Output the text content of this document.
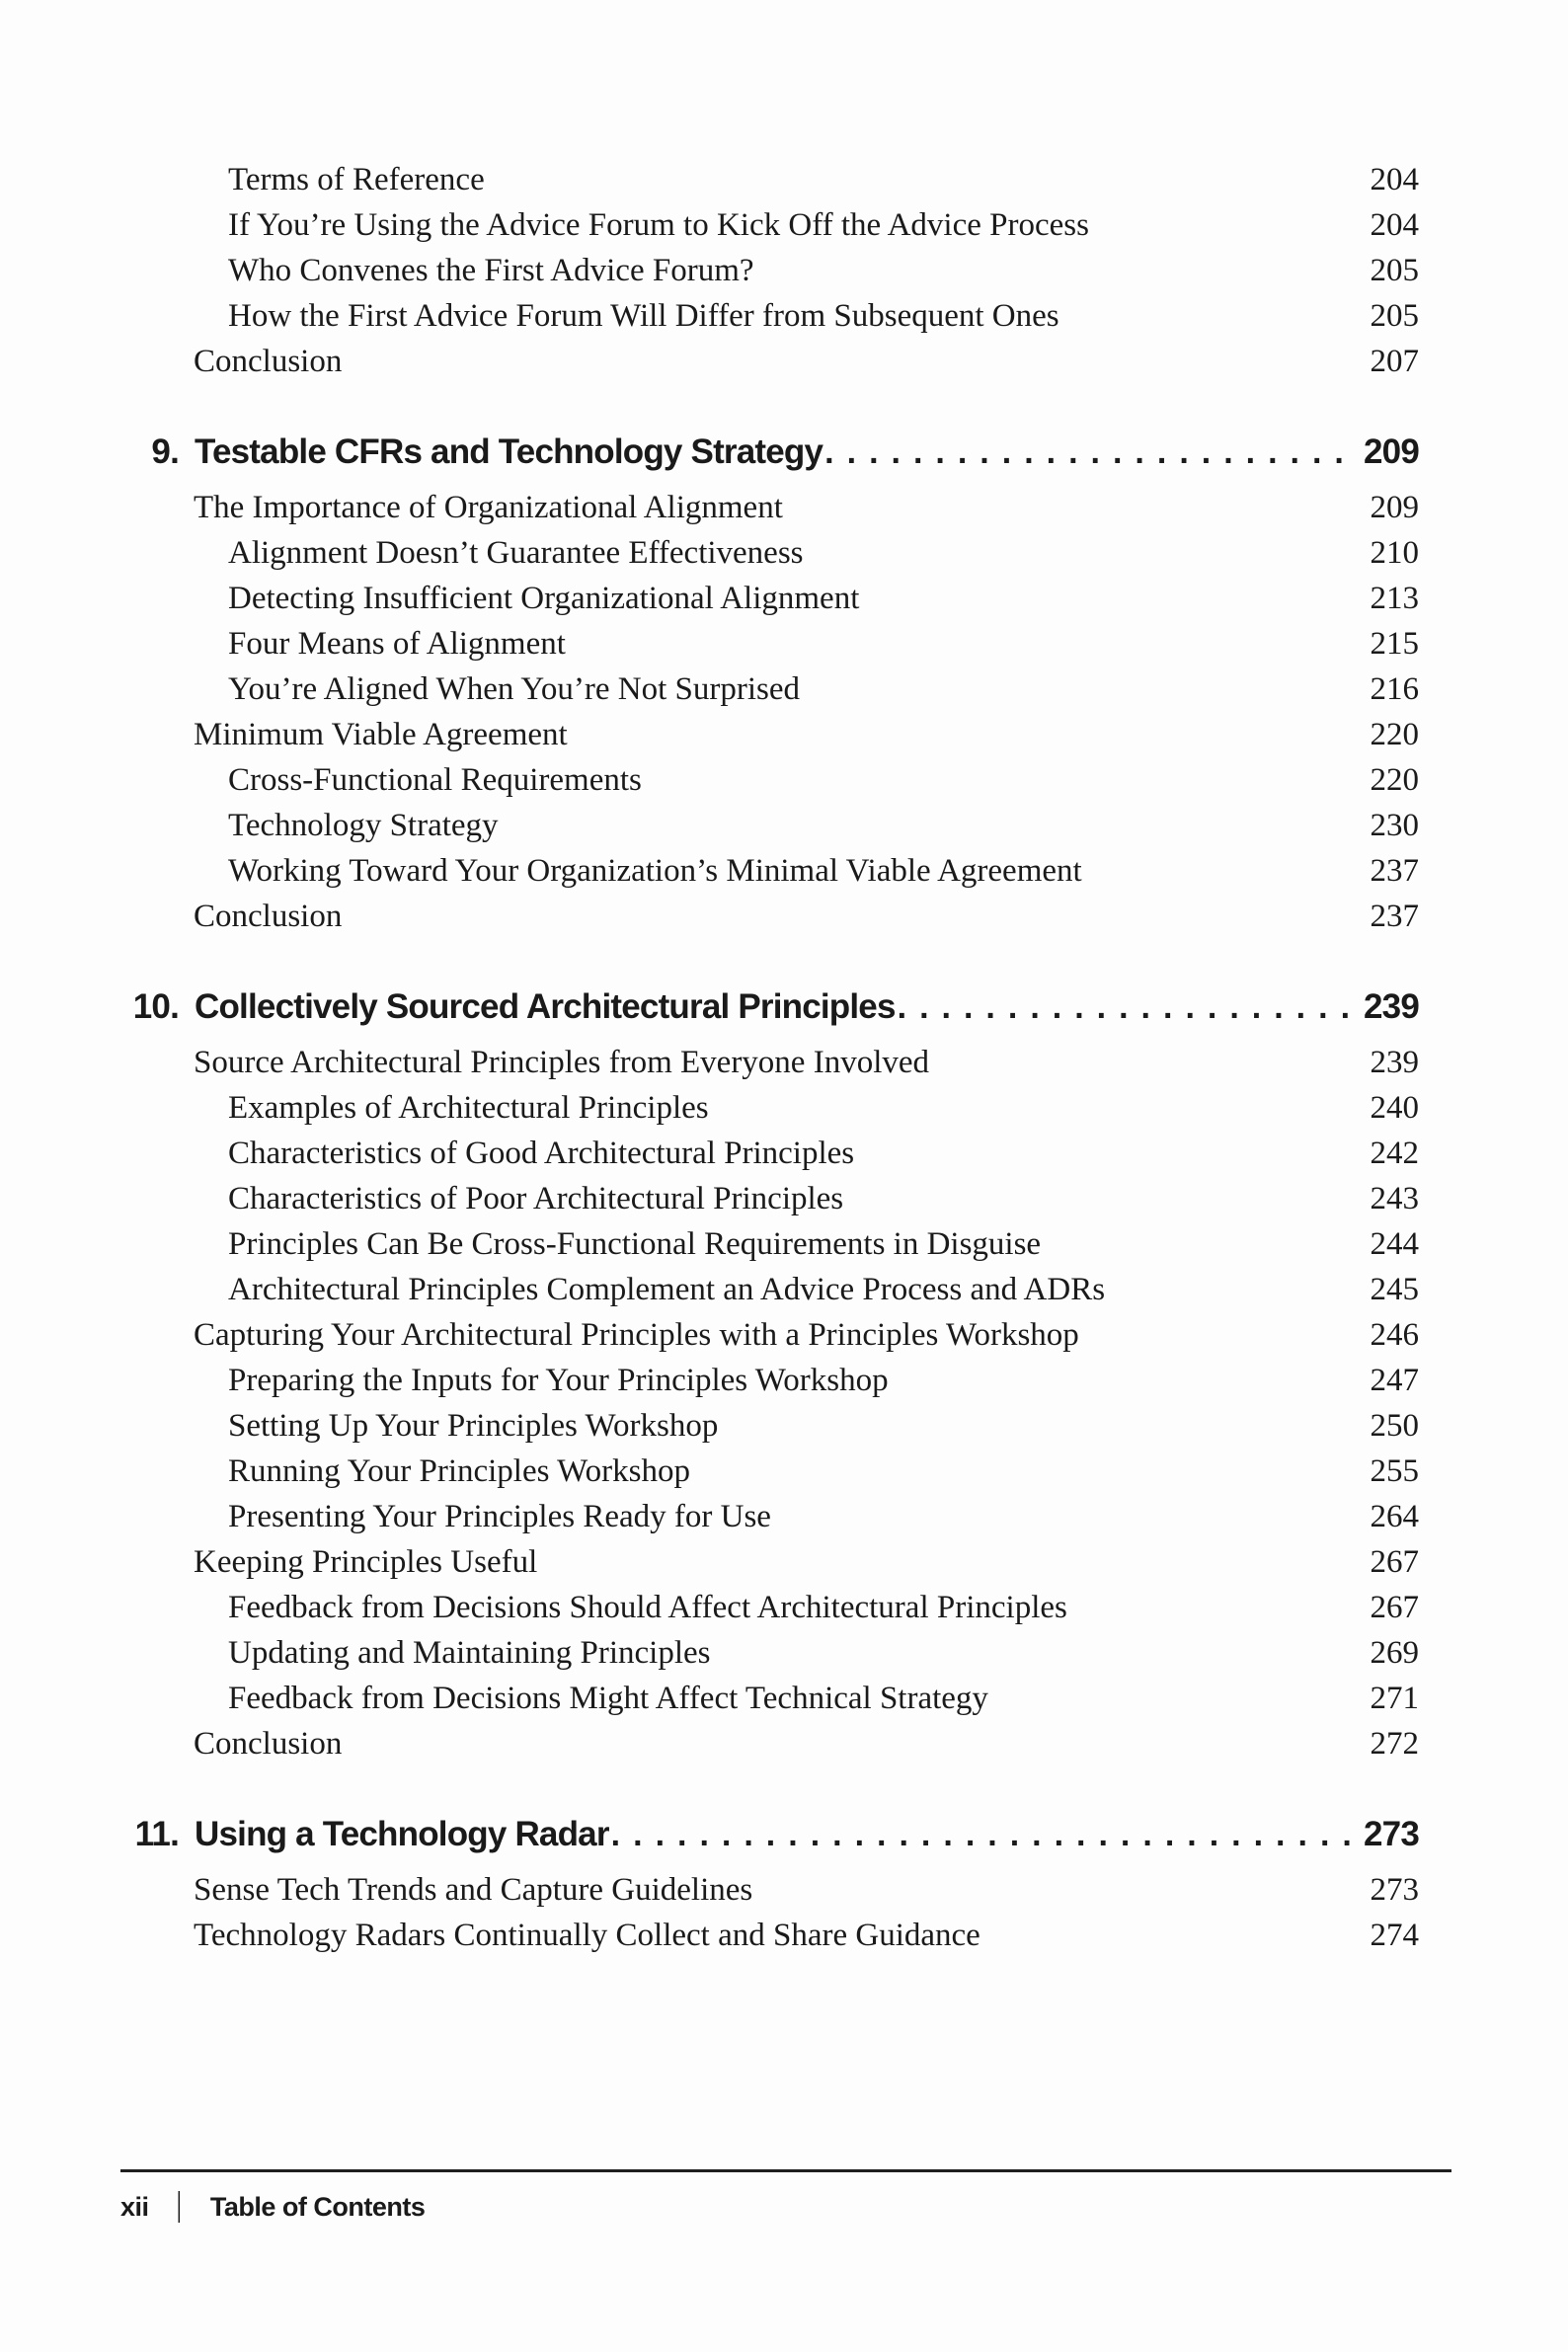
Terms of Reference	204
If You’re Using the Advice Forum to Kick Off the Advice Process	204
Who Convenes the First Advice Forum?	205
How the First Advice Forum Will Differ from Subsequent Ones	205
Conclusion	207
9. Testable CFRs and Technology Strategy .....	209
The Importance of Organizational Alignment	209
Alignment Doesn’t Guarantee Effectiveness	210
Detecting Insufficient Organizational Alignment	213
Four Means of Alignment	215
You’re Aligned When You’re Not Surprised	216
Minimum Viable Agreement	220
Cross-Functional Requirements	220
Technology Strategy	230
Working Toward Your Organization’s Minimal Viable Agreement	237
Conclusion	237
10. Collectively Sourced Architectural Principles .....	239
Source Architectural Principles from Everyone Involved	239
Examples of Architectural Principles	240
Characteristics of Good Architectural Principles	242
Characteristics of Poor Architectural Principles	243
Principles Can Be Cross-Functional Requirements in Disguise	244
Architectural Principles Complement an Advice Process and ADRs	245
Capturing Your Architectural Principles with a Principles Workshop	246
Preparing the Inputs for Your Principles Workshop	247
Setting Up Your Principles Workshop	250
Running Your Principles Workshop	255
Presenting Your Principles Ready for Use	264
Keeping Principles Useful	267
Feedback from Decisions Should Affect Architectural Principles	267
Updating and Maintaining Principles	269
Feedback from Decisions Might Affect Technical Strategy	271
Conclusion	272
11. Using a Technology Radar .....	273
Sense Tech Trends and Capture Guidelines	273
Technology Radars Continually Collect and Share Guidance	274
xii | Table of Contents
